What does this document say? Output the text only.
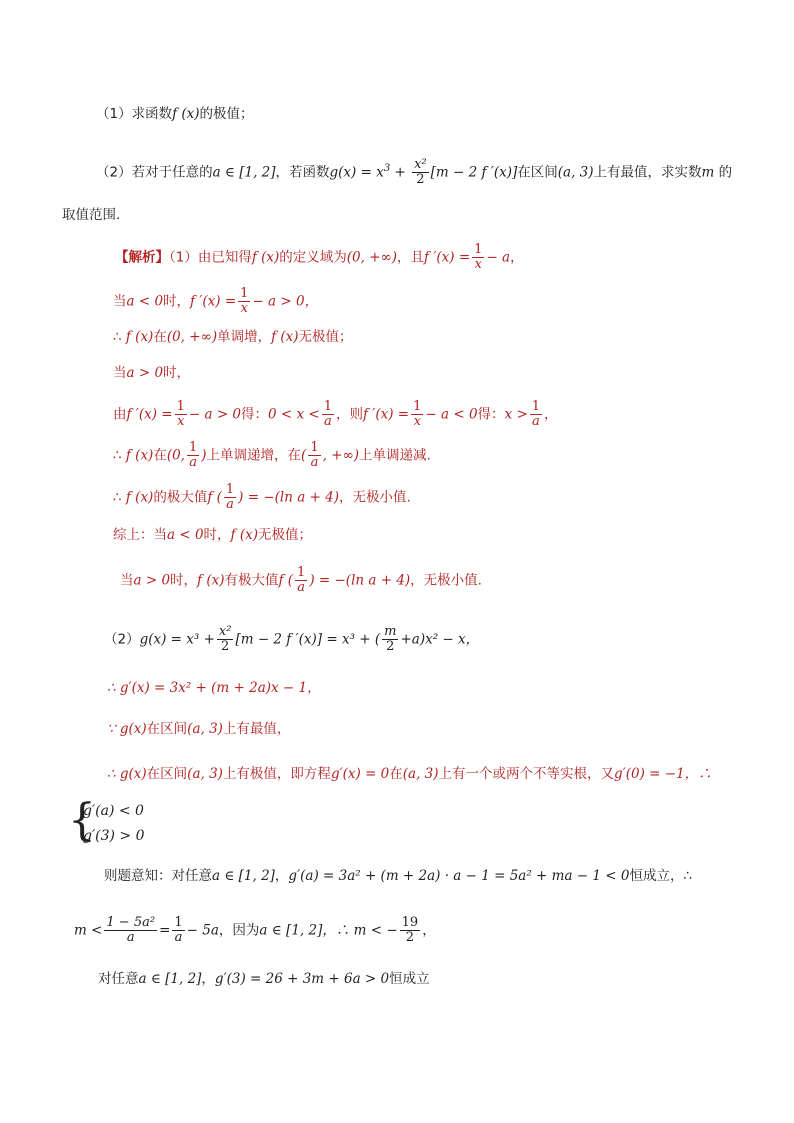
（1）求函数f (x)的极值；
（2）若对于任意的a ∈ [1, 2]，若函数$g(x) = x^3 + \frac{\text{x²}}{2} [m - 2$ f ′(x)]在区间(a, 3)上有最值，求实数m 的
取值范围.
【解析】（1）由已知得f (x)的定义域为(0, +∞)，且f $'(x) = \frac{1}{x} - a$，
当a < 0时，f $'(x) = \frac{1}{x} - a > 0$，
∴ f (x)在(0, +∞)单调增，f (x)无极值；
当a > 0时，
由f $'(x) = \frac{1}{x} - a > 0$得：$0 < x < \frac{1}{a}$ ，则f $'(x) = \frac{1}{x} - a < 0$得：$x > \frac{1}{a}$ ，
∴ f (x)在(0, $\frac{1}{a}$ )上单调递增，在( $\frac{1}{a}$ , +∞)上单调递减.
∴ f (x)的极大值f ( $\frac{1}{a}$ ) = −(ln a + 4)，无极小值.
综上：当a < 0时，f (x)无极值；
当a > 0时，f (x)有极大值f ( $\frac{1}{a}$ ) = −(ln a + 4)，无极小值.
$(2)g(x) = x^3 + \frac{\text{x²}}{2} [m - 2$ f ′(x)] = x³ + ( $\frac{m}{2} +a)x^2 - x$，
∴ g′(x) = 3x² + (m + 2a)x − 1，
∵ g(x)在区间(a, 3)上有最值，
∴ g(x)在区间(a, 3)上有极值，即方程g′(x) = 0在(a, 3)上有一个或两个不等实根，又g′(0) = −1，∴
{
g′(a) < 0
g′(3) > 0
则题意知：对任意a ∈ [1, 2]，g′(a) = 3a² + (m + 2a) · a − 1 = 5a² + ma − 1 < 0恒成立，∴
$m < \frac{\text{1 − 5a²}}{a} = \frac{1}{a} - 5a$，因为a ∈ [1, 2]，∴ m < − $\frac{19}{2}$ ，
对任意a ∈ [1, 2]，g′(3) = 26 + 3m + 6a > 0恒成立
